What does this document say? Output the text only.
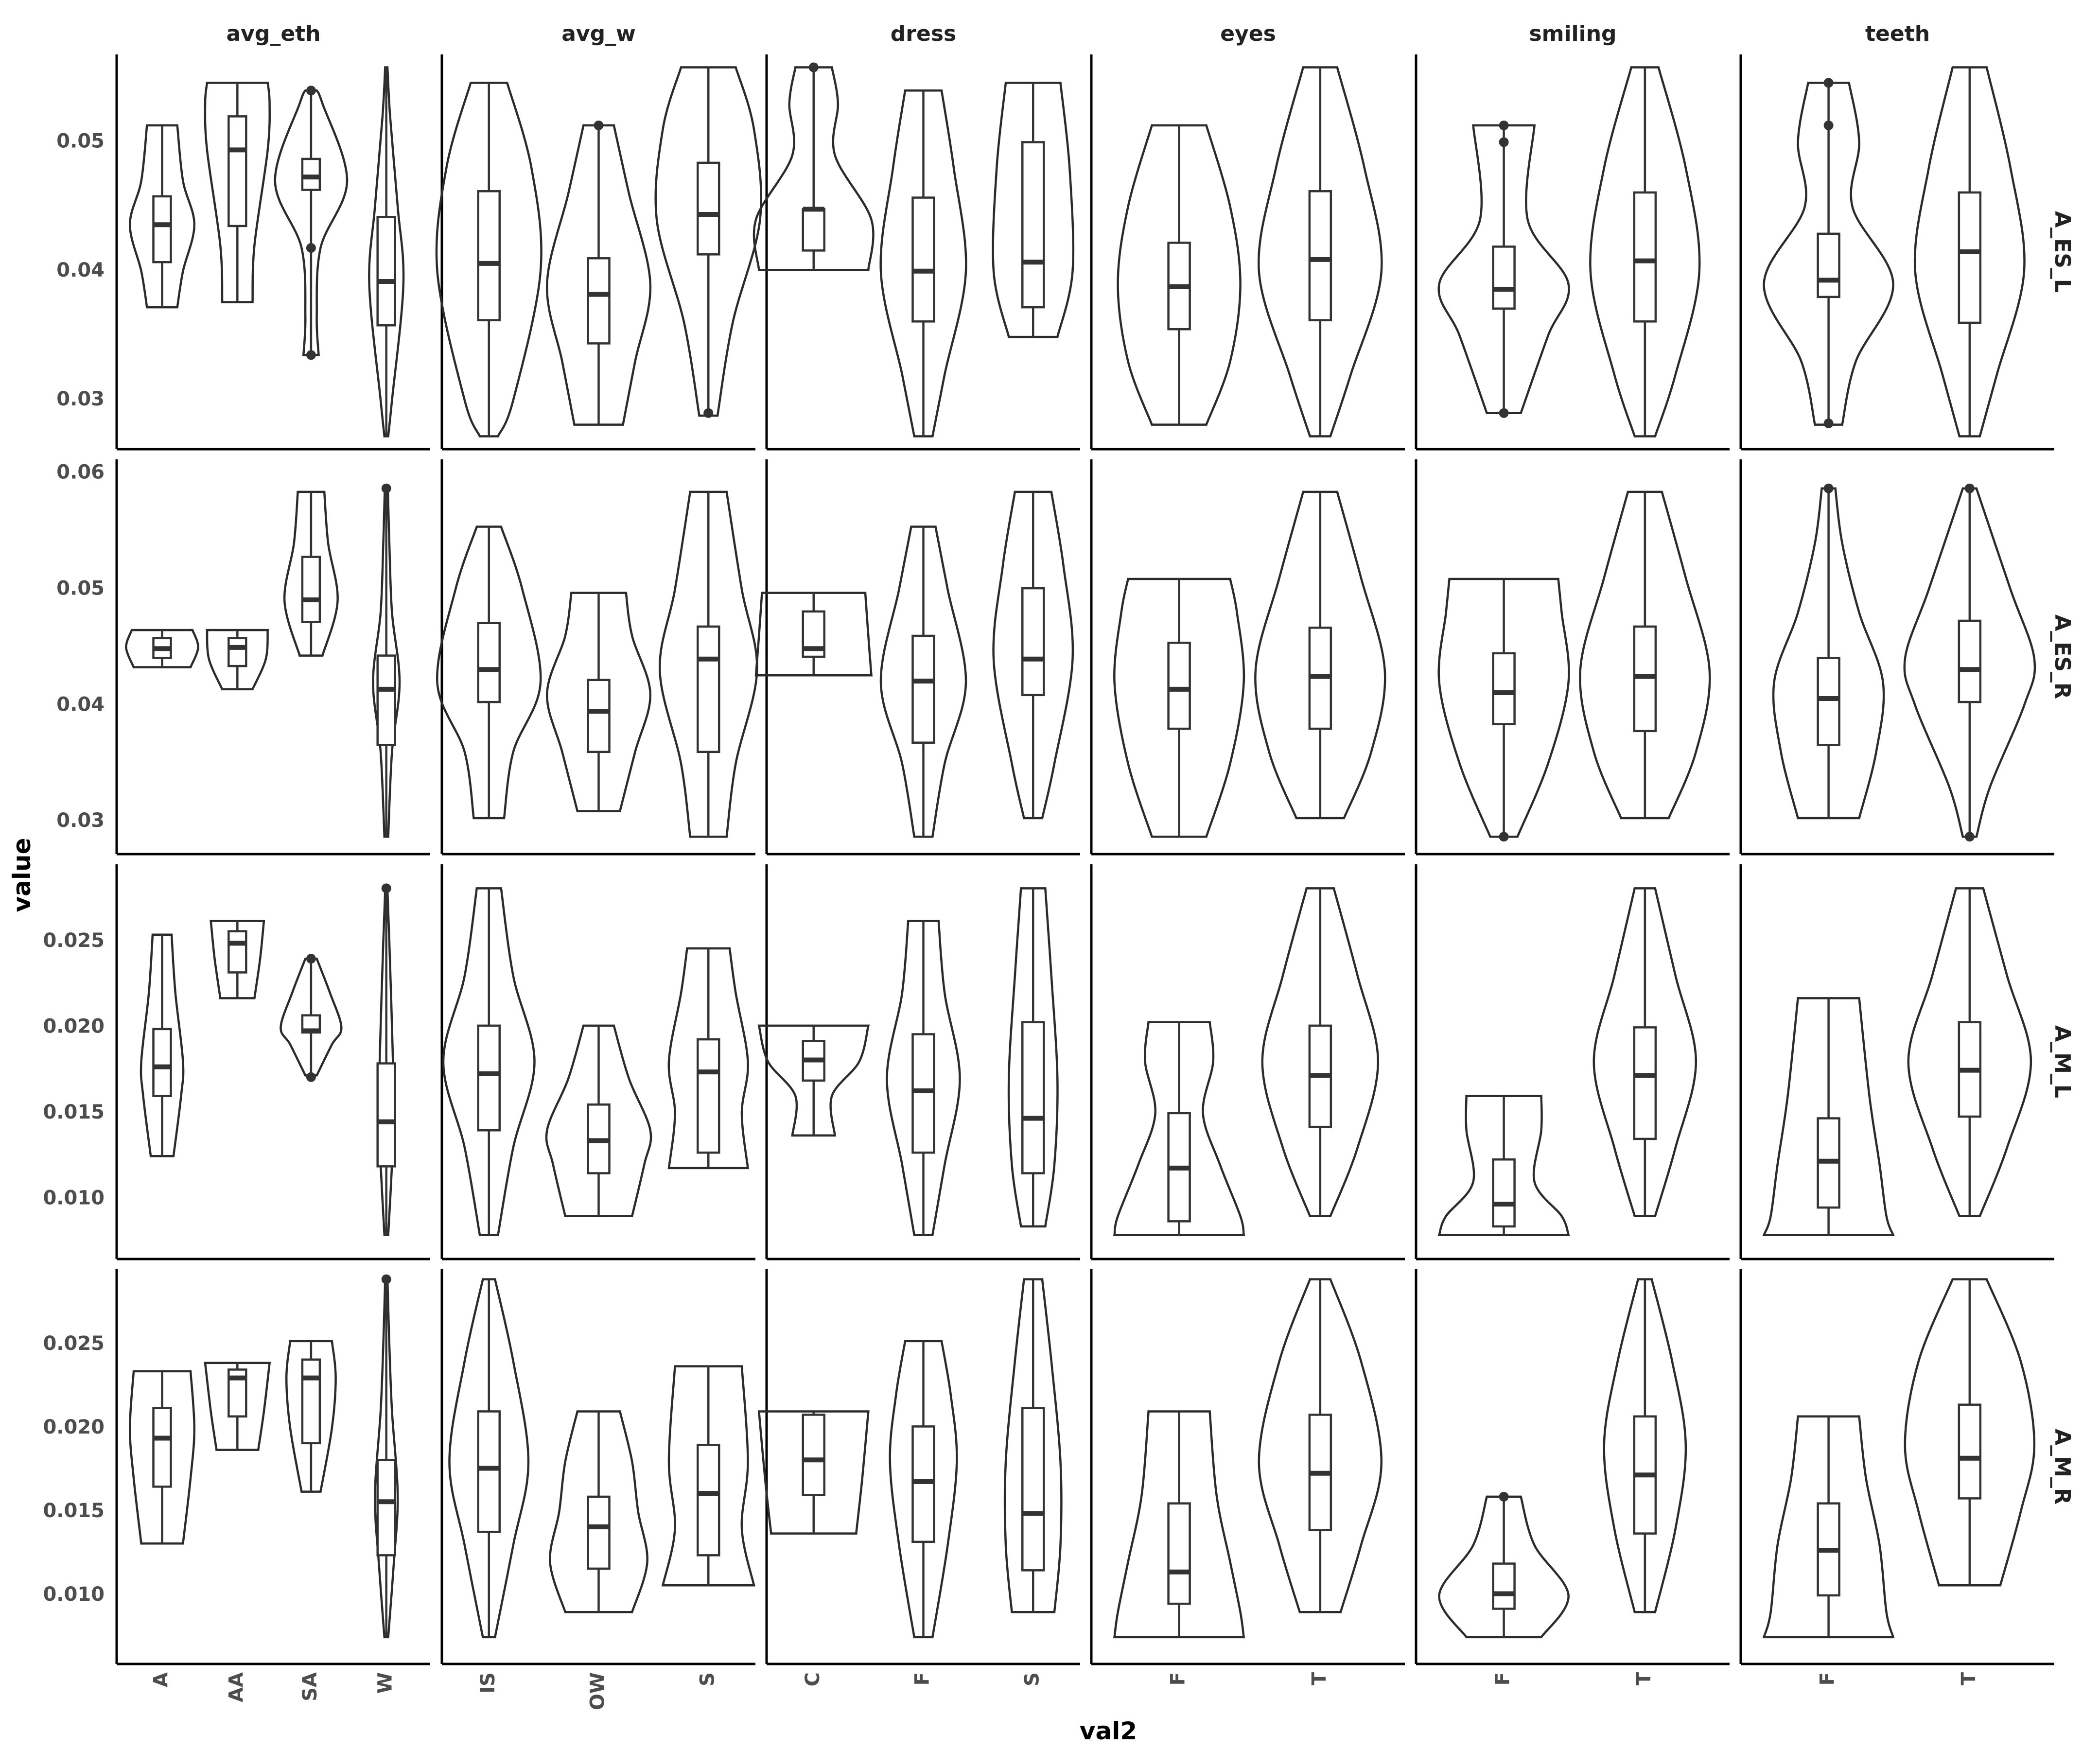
value
val2
avg_eth	avg_w	dress	eyes	smiling	teeth
A_ES_L
0.03
0.04
0.05
A_ES_R
0.03
0.04
0.05
0.06
A_M_L
0.010
0.015
0.020
0.025
A_M_R
0.010
0.015
0.020
0.025
A	AA	SA	W	IS	OW	S	C	F	S	F	T	F	T	F	T
